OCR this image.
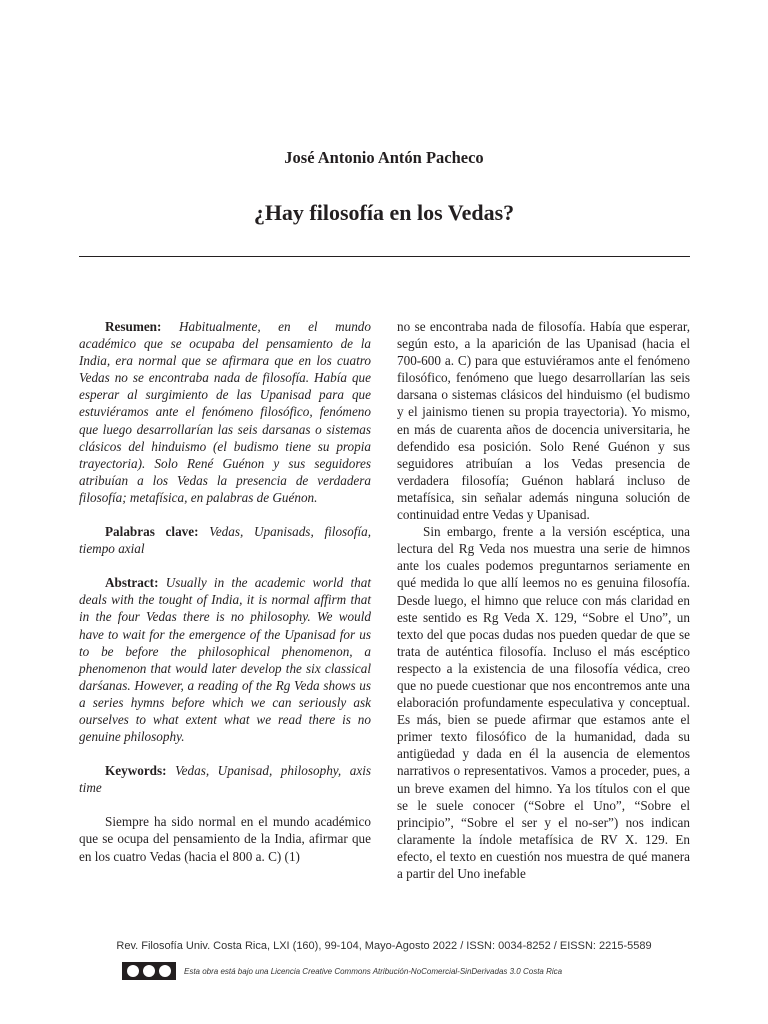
José Antonio Antón Pacheco
¿Hay filosofía en los Vedas?

Resumen: Habitualmente, en el mundo académico que se ocupaba del pensamiento de la India, era normal que se afirmara que en los cuatro Vedas no se encontraba nada de filosofía. Había que esperar al surgimiento de las Upanisad para que estuviéramos ante el fenómeno filosófico, fenómeno que luego desarrollarían las seis darsanas o sistemas clásicos del hinduismo (el budismo tiene su propia trayectoria). Solo René Guénon y sus seguidores atribuían a los Vedas la presencia de verdadera filosofía; metafísica, en palabras de Guénon.

Palabras clave: Vedas, Upanisads, filosofía, tiempo axial

Abstract: Usually in the academic world that deals with the tought of India, it is normal affirm that in the four Vedas there is no philosophy. We would have to wait for the emergence of the Upanisad for us to be before the philosophical phenomenon, a phenomenon that would later develop the six classical darśanas. However, a reading of the Rg Veda shows us a series hymns before which we can seriously ask ourselves to what extent what we read there is no genuine philosophy.

Keywords: Vedas, Upanisad, philosophy, axis time

Siempre ha sido normal en el mundo académico que se ocupa del pensamiento de la India, afirmar que en los cuatro Vedas (hacia el 800 a. C) (1)

no se encontraba nada de filosofía. Había que esperar, según esto, a la aparición de las Upanisad (hacia el 700-600 a. C) para que estuviéramos ante el fenómeno filosófico, fenómeno que luego desarrollarían las seis darsana o sistemas clásicos del hinduismo (el budismo y el jainismo tienen su propia trayectoria). Yo mismo, en más de cuarenta años de docencia universitaria, he defendido esa posición. Solo René Guénon y sus seguidores atribuían a los Vedas presencia de verdadera filosofía; Guénon hablará incluso de metafísica, sin señalar además ninguna solución de continuidad entre Vedas y Upanisad.

Sin embargo, frente a la versión escéptica, una lectura del Rg Veda nos muestra una serie de himnos ante los cuales podemos preguntarnos seriamente en qué medida lo que allí leemos no es genuina filosofía. Desde luego, el himno que reluce con más claridad en este sentido es Rg Veda X. 129, “Sobre el Uno”, un texto del que pocas dudas nos pueden quedar de que se trata de auténtica filosofía. Incluso el más escéptico respecto a la existencia de una filosofía védica, creo que no puede cuestionar que nos encontremos ante una elaboración profundamente especulativa y conceptual. Es más, bien se puede afirmar que estamos ante el primer texto filosófico de la humanidad, dada su antigüedad y dada en él la ausencia de elementos narrativos o representativos. Vamos a proceder, pues, a un breve examen del himno. Ya los títulos con el que se le suele conocer (“Sobre el Uno”, “Sobre el principio”, “Sobre el ser y el no-ser”) nos indican claramente la índole metafísica de RV X. 129. En efecto, el texto en cuestión nos muestra de qué manera a partir del Uno inefable

Rev. Filosofía Univ. Costa Rica, LXI (160), 99-104, Mayo-Agosto 2022 / ISSN: 0034-8252 / EISSN: 2215-5589
Esta obra está bajo una Licencia Creative Commons Atribución-NoComercial-SinDerivadas 3.0 Costa Rica
